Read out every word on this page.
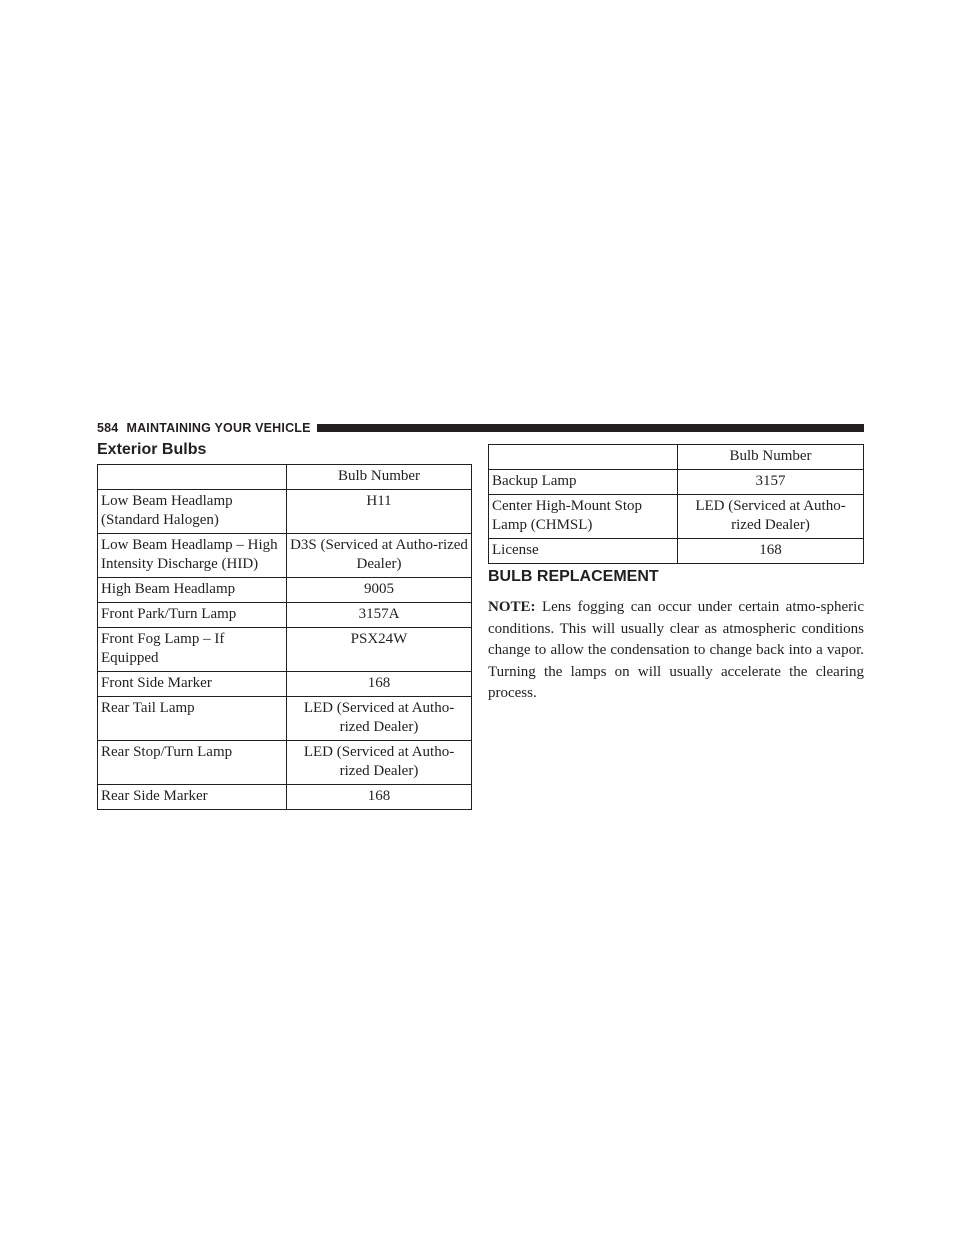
584 MAINTAINING YOUR VEHICLE
Exterior Bulbs
	Bulb Number
Low Beam Headlamp (Standard Halogen)	H11
Low Beam Headlamp – High Intensity Discharge (HID)	D3S (Serviced at Autho-rized Dealer)
High Beam Headlamp	9005
Front Park/Turn Lamp	3157A
Front Fog Lamp – If Equipped	PSX24W
Front Side Marker	168
Rear Tail Lamp	LED (Serviced at Autho-rized Dealer)
Rear Stop/Turn Lamp	LED (Serviced at Autho-rized Dealer)
Rear Side Marker	168
	Bulb Number
Backup Lamp	3157
Center High-Mount Stop Lamp (CHMSL)	LED (Serviced at Autho-rized Dealer)
License	168
BULB REPLACEMENT

NOTE: Lens fogging can occur under certain atmo-spheric conditions. This will usually clear as atmospheric conditions change to allow the condensation to change back into a vapor. Turning the lamps on will usually accelerate the clearing process.
